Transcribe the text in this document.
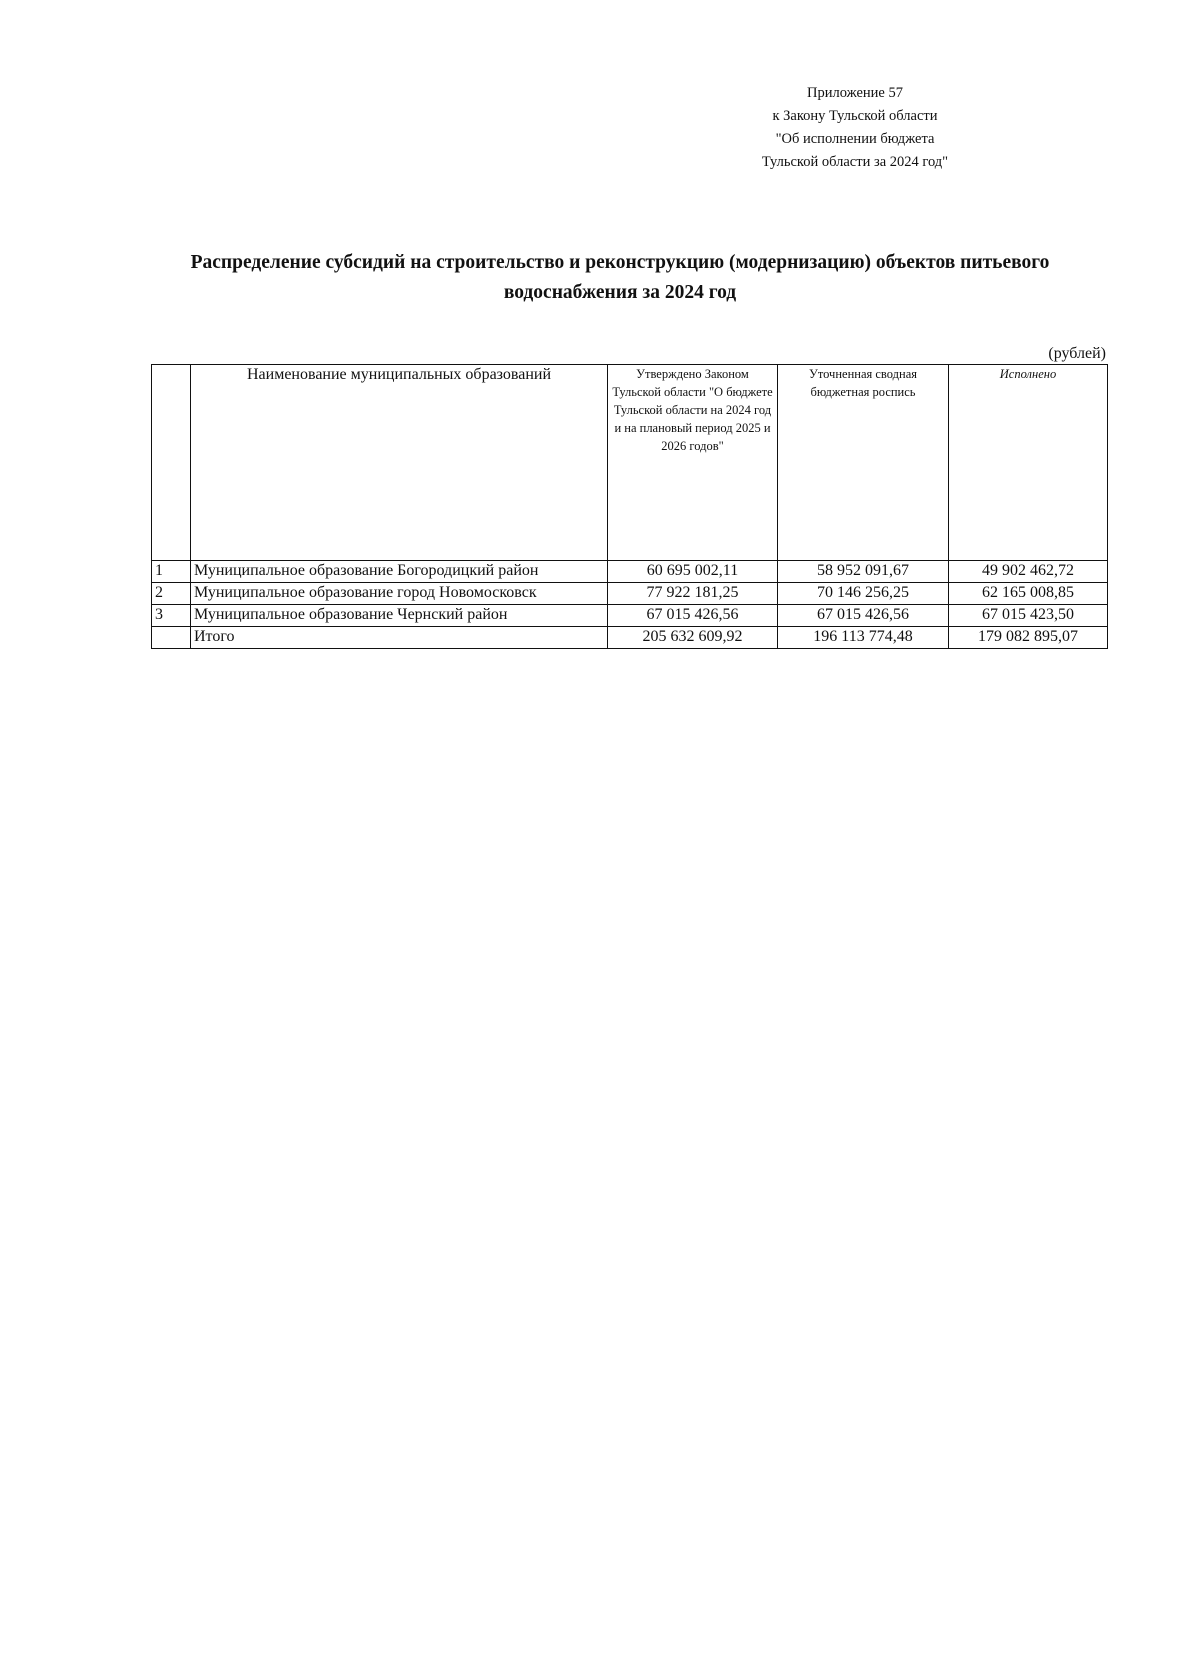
Приложение 57
к Закону Тульской области
"Об исполнении бюджета
Тульской области за 2024 год"
Распределение субсидий на строительство и реконструкцию (модернизацию) объектов питьевого
водоснабжения за 2024 год
(рублей)
	Наименование муниципальных образований	Утверждено Законом Тульской области "О бюджете Тульской области на 2024 год и на плановый период 2025 и 2026 годов"	Уточненная сводная бюджетная роспись	Исполнено
1	Муниципальное образование Богородицкий район	60 695 002,11	58 952 091,67	49 902 462,72
2	Муниципальное образование город Новомосковск	77 922 181,25	70 146 256,25	62 165 008,85
3	Муниципальное образование Чернский район	67 015 426,56	67 015 426,56	67 015 423,50
	Итого	205 632 609,92	196 113 774,48	179 082 895,07
